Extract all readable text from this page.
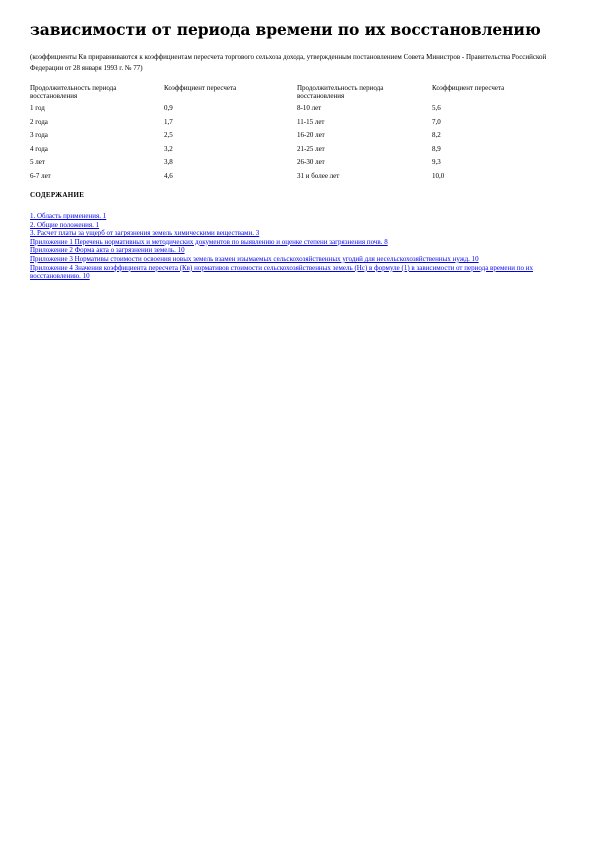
зависимости от периода времени по их восстановлению
(коэффициенты Кв приравниваются к коэффициентам пересчета торгового сельхоза дохода, утвержденным постановлением Совета Министров - Правительства Российской Федерации от 28 января 1993 г. № 77)
Продолжительность периода восстановления	Коэффициент пересчета	Продолжительность периода восстановления	Коэффициент пересчета
1 год	0,9	8-10 лет	5,6
2 года	1,7	11-15 лет	7,0
3 года	2,5	16-20 лет	8,2
4 года	3,2	21-25 лет	8,9
5 лет	3,8	26-30 лет	9,3
6-7 лет	4,6	31 и более лет	10,0
СОДЕРЖАНИЕ
1. Область применения. 1
2. Общие положения. 1
3. Расчет платы за ущерб от загрязнения земель химическими веществами. 3
Приложение 1 Перечень нормативных и методических документов по выявлению и оценке степени загрязнения почв. 8
Приложение 2 Форма акта о загрязнении земель. 10
Приложение 3 Нормативы стоимости освоения новых земель взамен изымаемых сельскохозяйственных угодий для несельскохозяйственных нужд. 10
Приложение 4 Значения коэффициента пересчета (Кв) нормативов стоимости сельскохозяйственных земель (Нс) в формуле (1) в зависимости от периода времени по их восстановлению. 10
